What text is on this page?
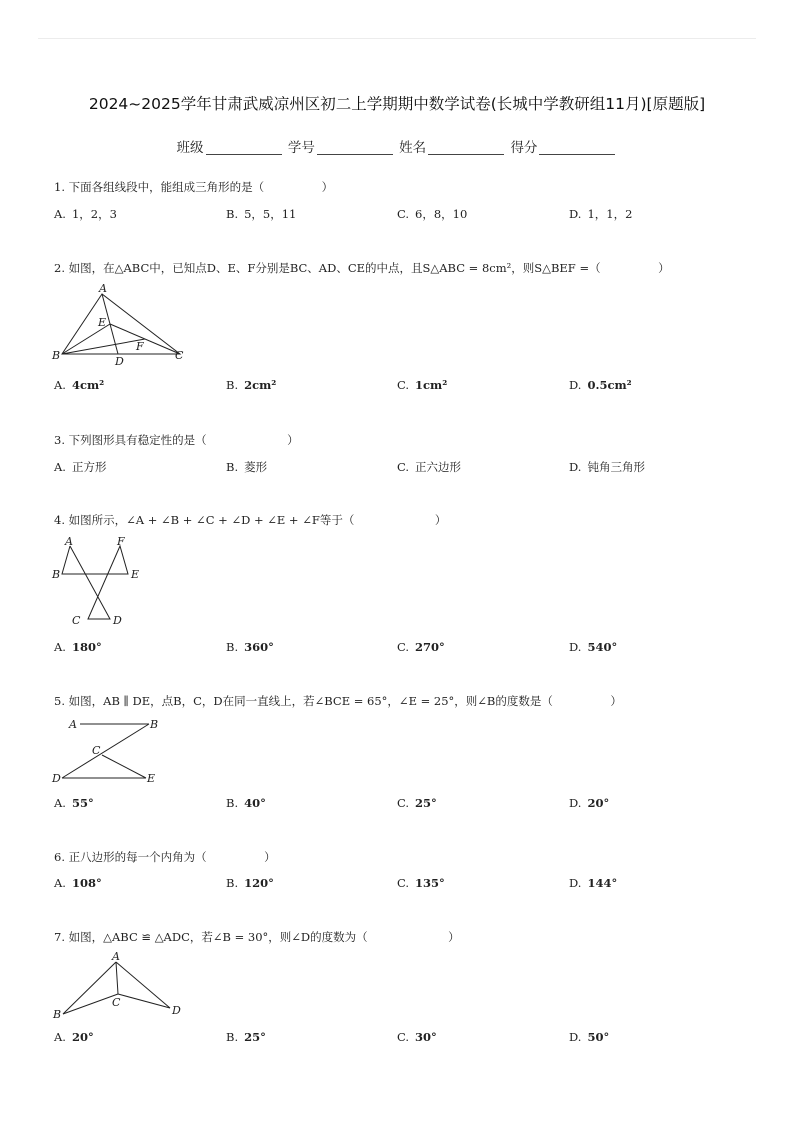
2024~2025学年甘肃武威凉州区初二上学期期中数学试卷(长城中学教研组11月)[原题版]
班级	学号	姓名	得分
1. 下面各组线段中，能组成三角形的是（　　　　　）
A. 1，2，3	B. 5，5，11	C. 6，8，10	D. 1，1，2
2. 如图，在△ABC中，已知点D、E、F分别是BC、AD、CE的中点，且S△ABC = 8cm²，则S△BEF =（　　　　　）
A
E
F
B	D	C
A. 4cm²	B. 2cm²	C. 1cm²	D. 0.5cm²
3. 下列图形具有稳定性的是（　　　　　　　）
A. 正方形	B. 菱形	C. 正六边形	D. 钝角三角形
4. 如图所示，∠A + ∠B + ∠C + ∠D + ∠E + ∠F等于（　　　　　　　）
A	F
B	E
C	D
A. 180°	B. 360°	C. 270°	D. 540°
5. 如图，AB ∥ DE，点B，C，D在同一直线上，若∠BCE = 65°，∠E = 25°，则∠B的度数是（　　　　　）
A	B
C
D	E
A. 55°	B. 40°	C. 25°	D. 20°
6. 正八边形的每一个内角为（　　　　　）
A. 108°	B. 120°	C. 135°	D. 144°
7. 如图，△ABC ≌ △ADC，若∠B = 30°，则∠D的度数为（　　　　　　　）
A
C
B	D
A. 20°	B. 25°	C. 30°	D. 50°
